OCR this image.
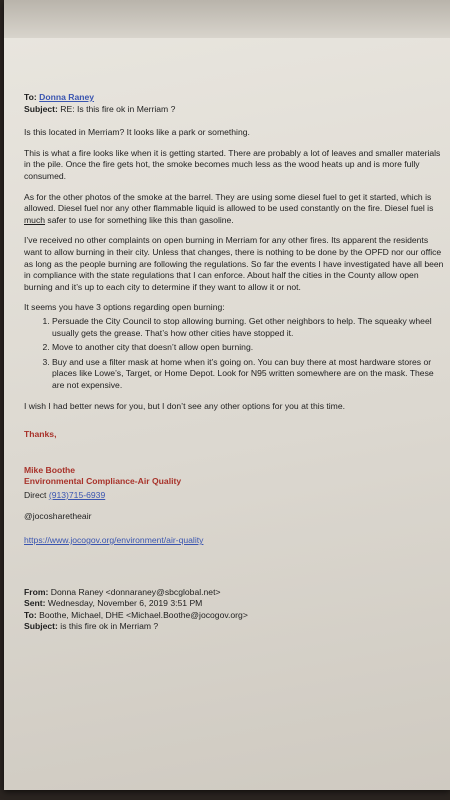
To: Donna Raney
Subject: RE: Is this fire ok in Merriam ?

Is this located in Merriam? It looks like a park or something.

This is what a fire looks like when it is getting started. There are probably a lot of leaves and smaller materials in the pile. Once the fire gets hot, the smoke becomes much less as the wood heats up and is more fully consumed.

As for the other photos of the smoke at the barrel. They are using some diesel fuel to get it started, which is allowed. Diesel fuel nor any other flammable liquid is allowed to be used constantly on the fire. Diesel fuel is much safer to use for something like this than gasoline.

I’ve received no other complaints on open burning in Merriam for any other fires. Its apparent the residents want to allow burning in their city. Unless that changes, there is nothing to be done by the OPFD nor our office as long as the people burning are following the regulations. So far the events I have investigated have all been in compliance with the state regulations that I can enforce. About half the cities in the County allow open burning and it’s up to each city to determine if they want to allow it or not.

It seems you have 3 options regarding open burning:

1. Persuade the City Council to stop allowing burning. Get other neighbors to help. The squeaky wheel usually gets the grease. That’s how other cities have stopped it.
2. Move to another city that doesn’t allow open burning.
3. Buy and use a filter mask at home when it’s going on. You can buy there at most hardware stores or places like Lowe’s, Target, or Home Depot. Look for N95 written somewhere are on the mask. These are not expensive.

I wish I had better news for you, but I don’t see any other options for you at this time.

Thanks,

Mike Boothe

Environmental Compliance-Air Quality

Direct (913)715-6939

@jocosharetheair

https://www.jocogov.org/environment/air-quality

From: Donna Raney <donnaraney@sbcglobal.net>
Sent: Wednesday, November 6, 2019 3:51 PM
To: Boothe, Michael, DHE <Michael.Boothe@jocogov.org>
Subject: is this fire ok in Merriam ?
